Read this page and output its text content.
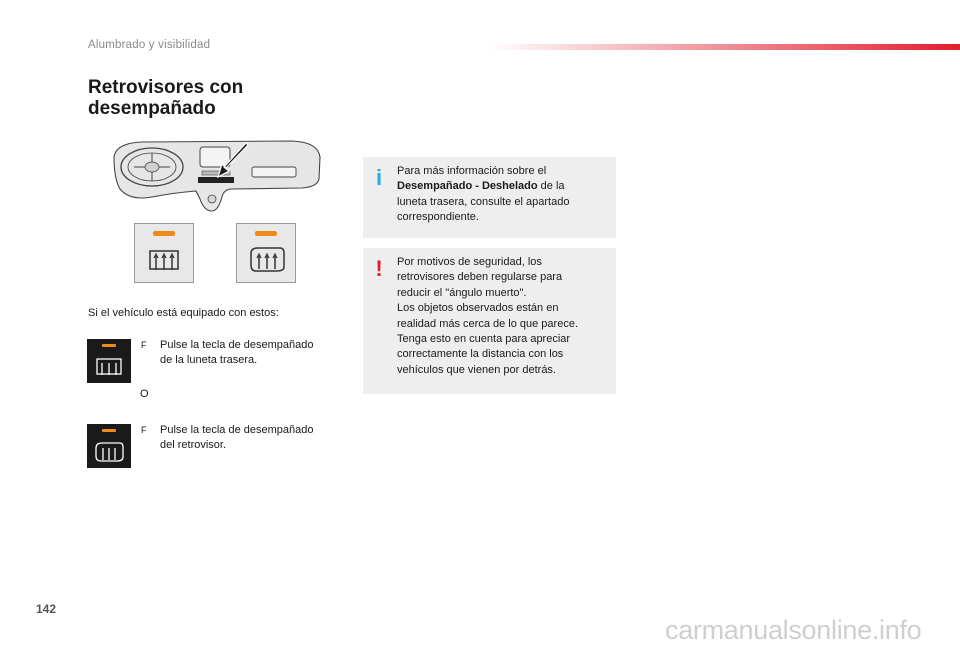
Alumbrado y visibilidad
Retrovisores con
desempañado
Si el vehículo está equipado con estos:
F Pulse la tecla de desempañado
de la luneta trasera.
O
F Pulse la tecla de desempañado
del retrovisor.
i	Para más información sobre el
Desempañado - Deshelado de la
luneta trasera, consulte el apartado
correspondiente.
!	Por motivos de seguridad, los
retrovisores deben regularse para
reducir el "ángulo muerto".
Los objetos observados están en
realidad más cerca de lo que parece.
Tenga esto en cuenta para apreciar
correctamente la distancia con los
vehículos que vienen por detrás.
142
carmanualsonline.info
